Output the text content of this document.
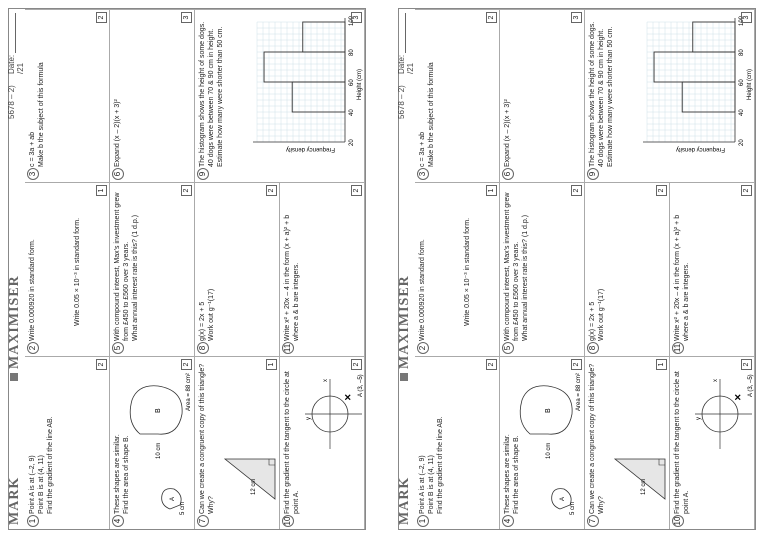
MARK
MAXIMISER
5678 – 2)
Date:  /21
1
Point A is at (–2, 9)
Point B is at (4, 11)
Find the gradient of the line AB.
2
2
Write 0.000920 in standard form.	Write 0.05 × 10⁻³ in standard form.
1
3
c = 3a + ab
Make b the subject of this formula
2
4
These shapes are similar.
Find the area of shape B.
A
5 cm
B
10 cm
Area = 88 cm²
2
5
With compound interest, Max's investment grew from £450 to £560 over 3 years.
What annual interest rate is this? (1 d.p.)
2
6
Expand (x – 2)(x + 3)²
3
7
Can we create a congruent copy of this triangle?
Why?
12 cm
1
8
g(x) = 2x + 5
Work out g⁻¹(17)
2
9
The histogram shows the height of some dogs.
40 dogs were between 70 & 90 cm in height.
Estimate how many were shorter than 50 cm.
20
40
60
80
100
Height (cm)
Frequency density
3
10
Find the gradient of the tangent to the circle at point A.
✕
A (3, –5)
x
y
2
11
Write x² + 20x – 4 in the form (x + a)² + b
where a & b are integers.
2
MARK
MAXIMISER
5678 – 2)
Date:  /21
1
Point A is at (–2, 9)
Point B is at (4, 11)
Find the gradient of the line AB.
2
2
Write 0.000920 in standard form.	Write 0.05 × 10⁻³ in standard form.
1
3
c = 3a + ab
Make b the subject of this formula
2
4
These shapes are similar.
Find the area of shape B.
A
5 cm
B
10 cm
Area = 88 cm²
2
5
With compound interest, Max's investment grew from £450 to £560 over 3 years.
What annual interest rate is this? (1 d.p.)
2
6
Expand (x – 2)(x + 3)²
3
7
Can we create a congruent copy of this triangle?
Why?
12 cm
1
8
g(x) = 2x + 5
Work out g⁻¹(17)
2
9
The histogram shows the height of some dogs.
40 dogs were between 70 & 90 cm in height.
Estimate how many were shorter than 50 cm.
20
40
60
80
100
Height (cm)
Frequency density
3
10
Find the gradient of the tangent to the circle at point A.
✕
A (3, –5)
x
y
2
11
Write x² + 20x – 4 in the form (x + a)² + b
where a & b are integers.
2
